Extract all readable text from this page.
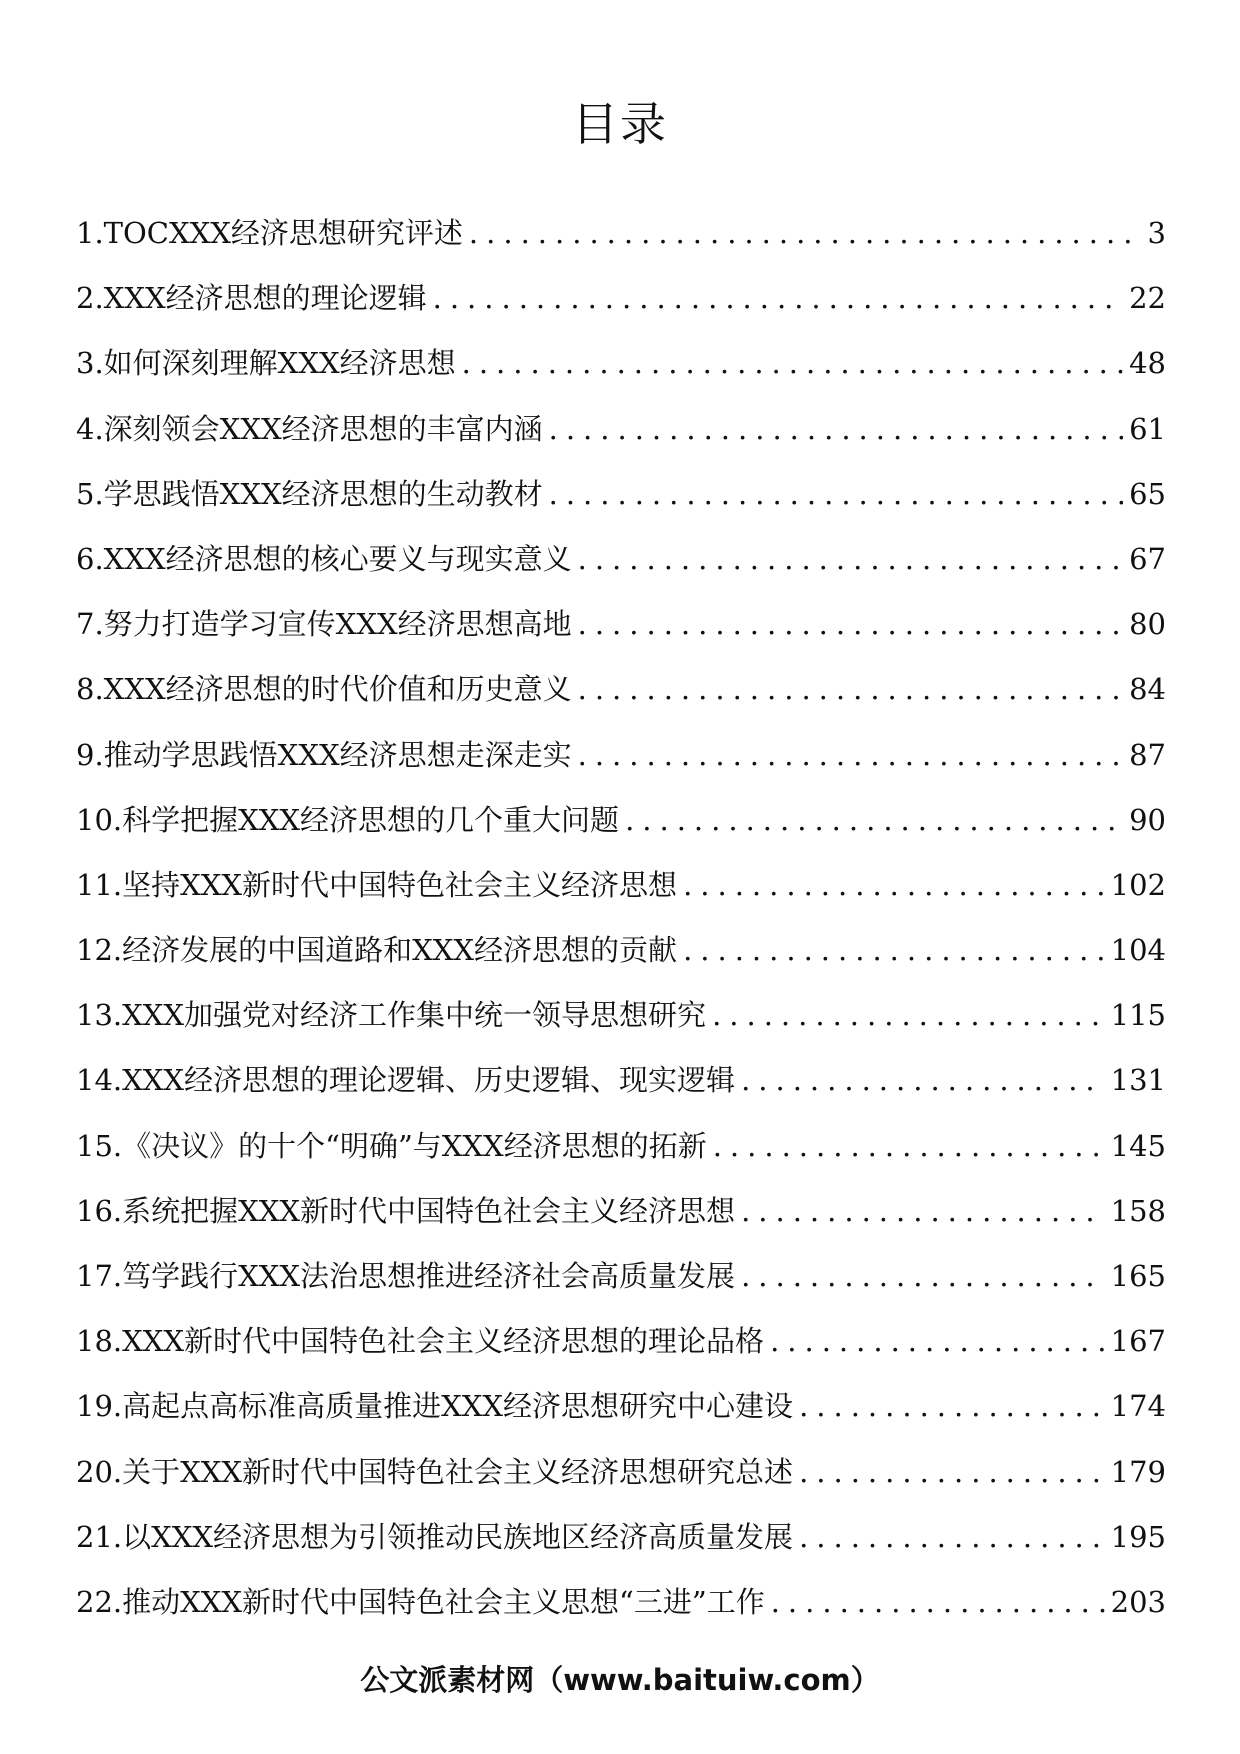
目录
1.TOCXXX经济思想研究评述 .....	3
2.XXX经济思想的理论逻辑 .....	22
3.如何深刻理解XXX经济思想 .....	48
4.深刻领会XXX经济思想的丰富内涵 .....	61
5.学思践悟XXX经济思想的生动教材 .....	65
6.XXX经济思想的核心要义与现实意义 .....	67
7.努力打造学习宣传XXX经济思想高地 .....	80
8.XXX经济思想的时代价值和历史意义 .....	84
9.推动学思践悟XXX经济思想走深走实 .....	87
10.科学把握XXX经济思想的几个重大问题 .....	90
11.坚持XXX新时代中国特色社会主义经济思想 .....	102
12.经济发展的中国道路和XXX经济思想的贡献 .....	104
13.XXX加强党对经济工作集中统一领导思想研究 .....	115
14.XXX经济思想的理论逻辑、历史逻辑、现实逻辑 .....	131
15.《决议》的十个“明确”与XXX经济思想的拓新 .....	145
16.系统把握XXX新时代中国特色社会主义经济思想 .....	158
17.笃学践行XXX法治思想推进经济社会高质量发展 .....	165
18.XXX新时代中国特色社会主义经济思想的理论品格 .....	167
19.高起点高标准高质量推进XXX经济思想研究中心建设 .....	174
20.关于XXX新时代中国特色社会主义经济思想研究总述 .....	179
21.以XXX经济思想为引领推动民族地区经济高质量发展 .....	195
22.推动XXX新时代中国特色社会主义思想“三进”工作 .....	203

公文派素材网（www.baituiw.com）
